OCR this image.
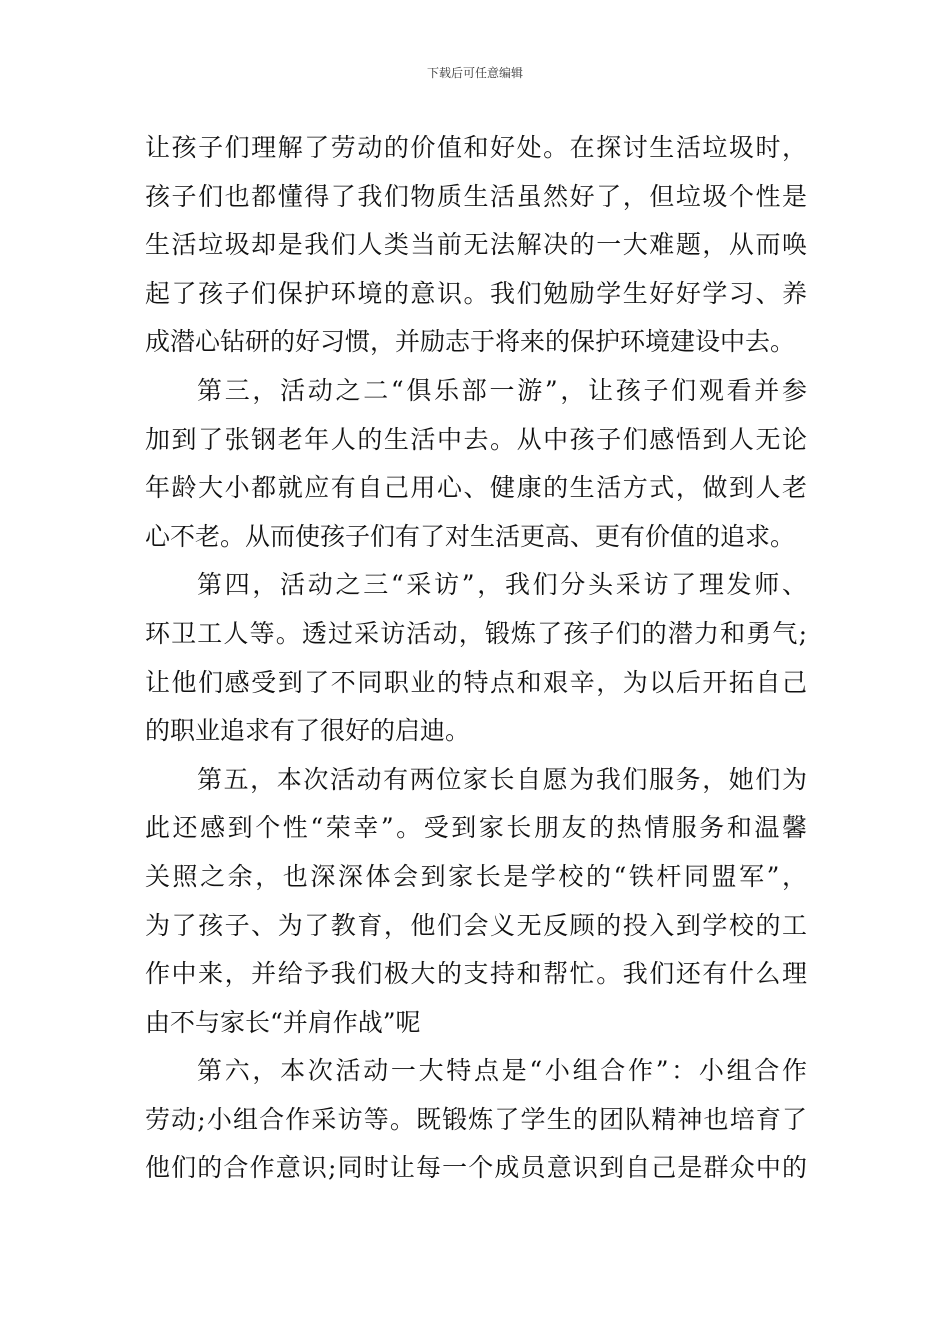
下载后可任意编辑
让孩子们理解了劳动的价值和好处。在探讨生活垃圾时，
孩子们也都懂得了我们物质生活虽然好了，但垃圾个性是
生活垃圾却是我们人类当前无法解决的一大难题，从而唤
起了孩子们保护环境的意识。我们勉励学生好好学习、养
成潜心钻研的好习惯，并励志于将来的保护环境建设中去。
第三，活动之二“俱乐部一游”，让孩子们观看并参
加到了张钢老年人的生活中去。从中孩子们感悟到人无论
年龄大小都就应有自己用心、健康的生活方式，做到人老
心不老。从而使孩子们有了对生活更高、更有价值的追求。
第四，活动之三“采访”，我们分头采访了理发师、
环卫工人等。透过采访活动，锻炼了孩子们的潜力和勇气;
让他们感受到了不同职业的特点和艰辛，为以后开拓自己
的职业追求有了很好的启迪。
第五，本次活动有两位家长自愿为我们服务，她们为
此还感到个性“荣幸”。受到家长朋友的热情服务和温馨
关照之余，也深深体会到家长是学校的“铁杆同盟军”，
为了孩子、为了教育，他们会义无反顾的投入到学校的工
作中来，并给予我们极大的支持和帮忙。我们还有什么理
由不与家长“并肩作战”呢
第六，本次活动一大特点是“小组合作”：小组合作
劳动;小组合作采访等。既锻炼了学生的团队精神也培育了
他们的合作意识;同时让每一个成员意识到自己是群众中的
